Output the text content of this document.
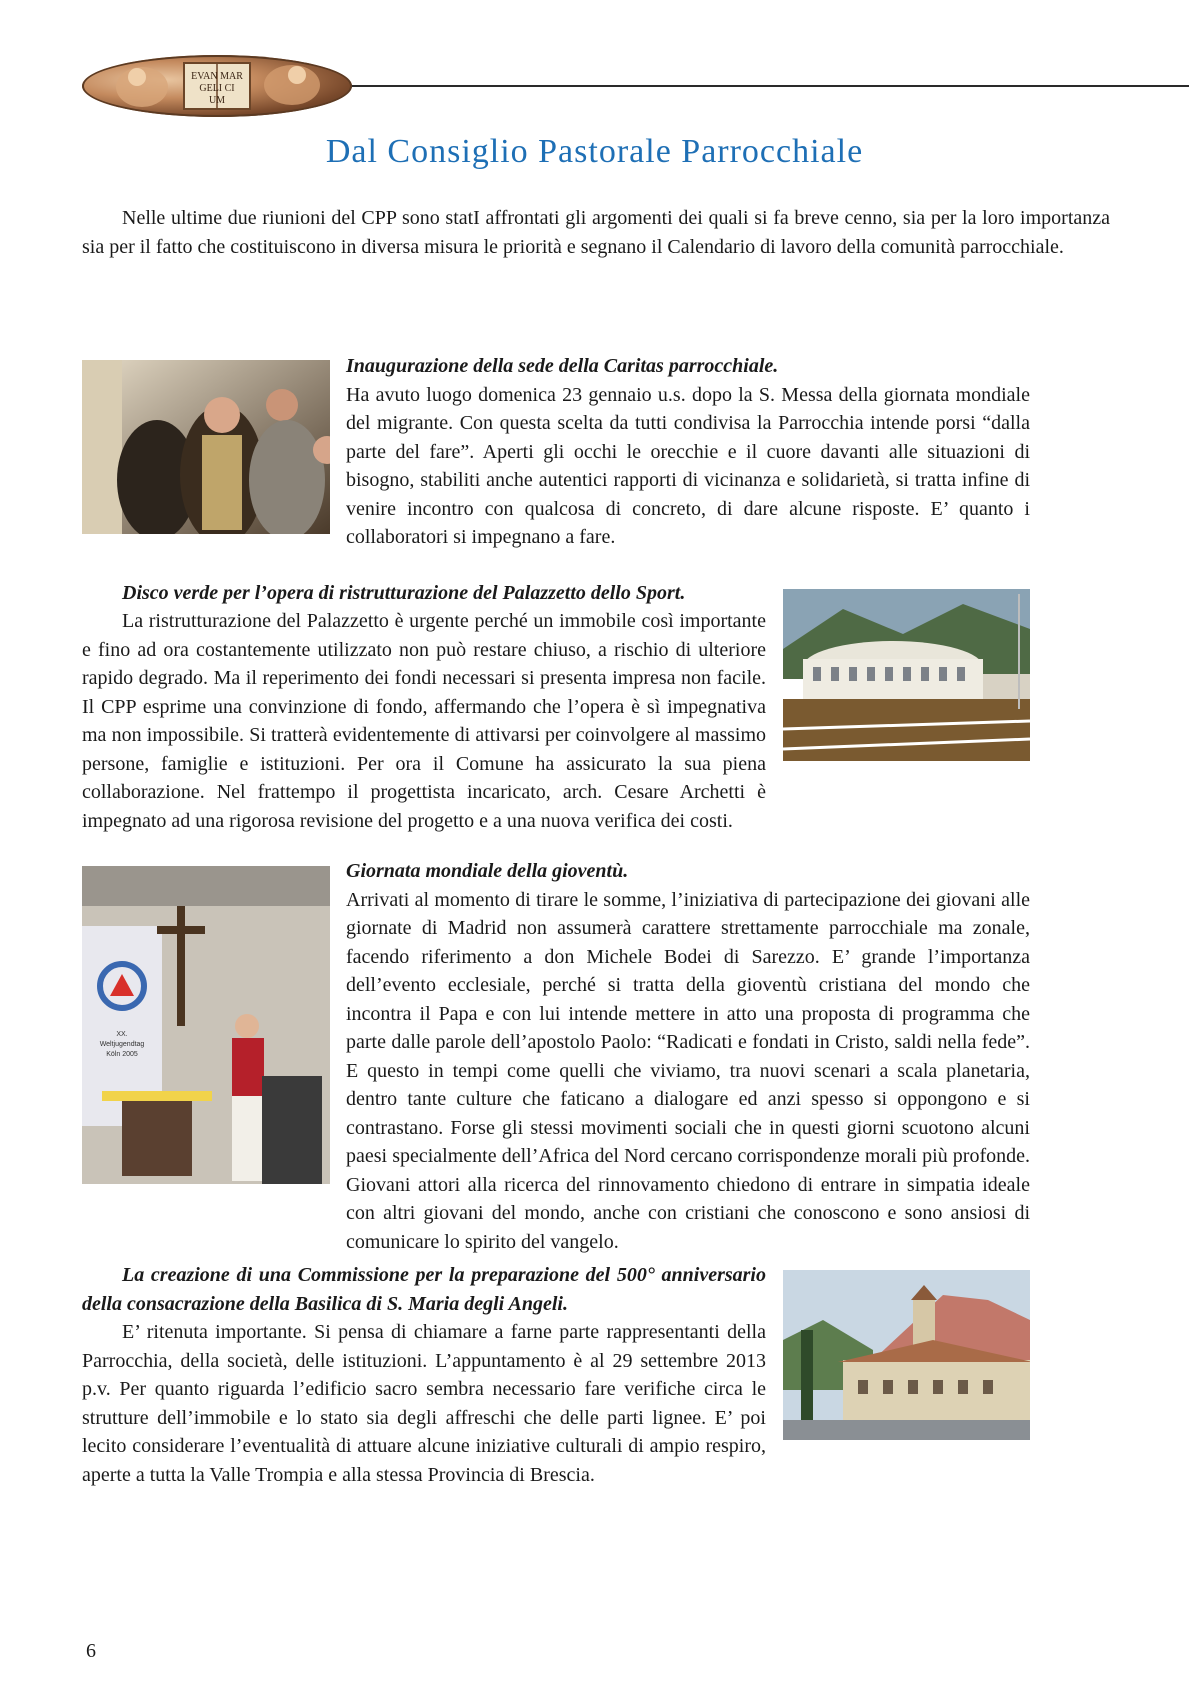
EVAN MAR
GELI CI
UM
Dal Consiglio Pastorale Parrocchiale

Nelle ultime due riunioni del CPP sono statI affrontati gli argomenti dei quali si fa breve cenno, sia per la loro importanza sia per il fatto che costituiscono in diversa misura le priorità e segnano il Calendario di lavoro della comunità parrocchiale.

Inaugurazione della sede della Caritas parrocchiale.

Ha avuto luogo domenica 23 gennaio u.s. dopo la S. Messa della giornata mondiale del migrante. Con questa scelta da tutti condivisa la Parrocchia intende porsi “dalla parte del fare”. Aperti gli occhi le orecchie e il cuore davanti alle situazioni di bisogno, stabiliti anche autentici rapporti di vicinanza e solidarietà, si tratta infine di venire incontro con qualcosa di concreto, di dare alcune risposte. E’ quanto i collaboratori si impegnano a fare.

Disco verde per l’opera di ristrutturazione del Palazzetto dello Sport.

La ristrutturazione del Palazzetto è urgente perché un immobile così importante e fino ad ora costantemente utilizzato non può restare chiuso, a rischio di ulteriore rapido degrado. Ma il reperimento dei fondi necessari si presenta impresa non facile. Il CPP esprime una convinzione di fondo, affermando che l’opera è sì impegnativa ma non impossibile. Si tratterà evidentemente di attivarsi per coinvolgere al massimo persone, famiglie e istituzioni. Per ora il Comune ha assicurato la sua piena collaborazione. Nel frattempo il progettista incaricato, arch. Cesare Archetti è impegnato ad una rigorosa revisione del progetto e a una nuova verifica dei costi.

XX.
Weltjugendtag
Köln 2005

Giornata mondiale della gioventù.

Arrivati al momento di tirare le somme, l’iniziativa di partecipazione dei giovani alle giornate di Madrid non assumerà carattere strettamente parrocchiale ma zonale, facendo riferimento a don Michele Bodei di Sarezzo. E’ grande l’importanza dell’evento ecclesiale, perché si tratta della gioventù cristiana del mondo che incontra il Papa e con lui intende mettere in atto una proposta di programma che parte dalle parole dell’apostolo Paolo: “Radicati e fondati in Cristo, saldi nella fede”. E questo in tempi come quelli che viviamo, tra nuovi scenari a scala planetaria, dentro tante culture che faticano a dialogare ed anzi spesso si oppongono e si contrastano. Forse gli stessi movimenti sociali che in questi giorni scuotono alcuni paesi specialmente dell’Africa del Nord cercano corrispondenze morali più profonde. Giovani attori alla ricerca del rinnovamento chiedono di entrare in simpatia ideale con altri giovani del mondo, anche con cristiani che conoscono e sono ansiosi di comunicare lo spirito del vangelo.

La creazione di una Commissione per la preparazione del 500° anniversario della consacrazione della Basilica di S. Maria degli Angeli.

E’ ritenuta importante. Si pensa di chiamare a farne parte rappresentanti della Parrocchia, della società, delle istituzioni. L’appuntamento è al 29 settembre 2013 p.v. Per quanto riguarda l’edificio sacro sembra necessario fare verifiche circa le strutture dell’immobile e lo stato sia degli affreschi che delle parti lignee. E’ poi lecito considerare l’eventualità di attuare alcune iniziative culturali di ampio respiro, aperte a tutta la Valle Trompia e alla stessa Provincia di Brescia.

6
